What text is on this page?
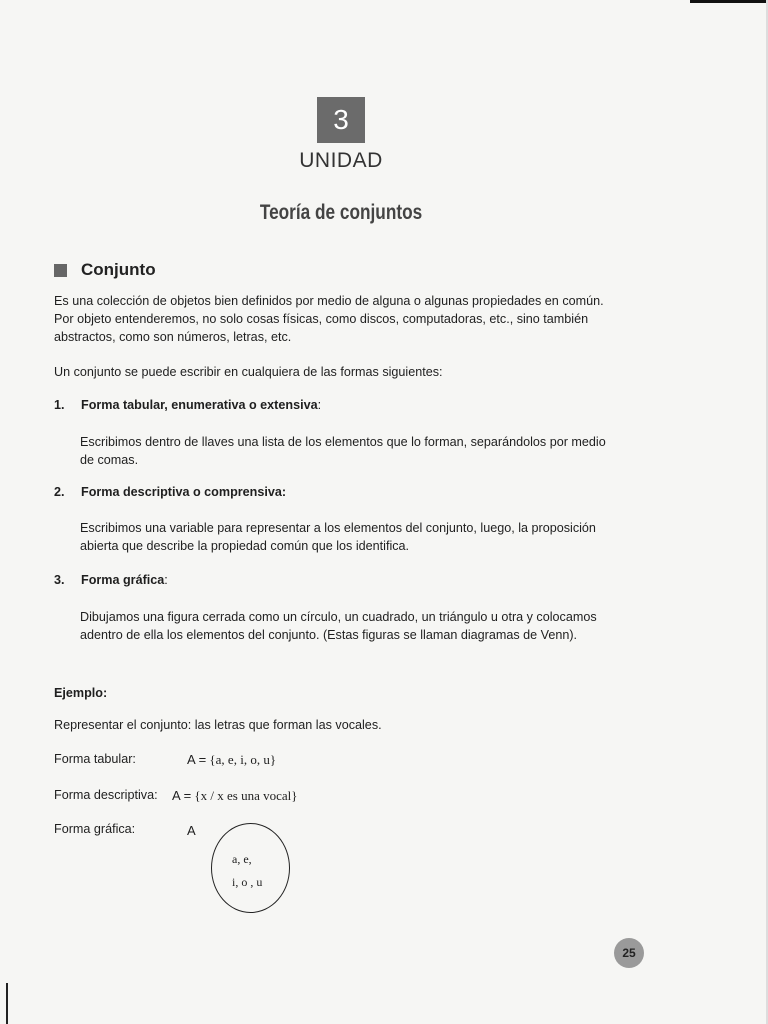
3
UNIDAD
Teoría de conjuntos
Conjunto
Es una colección de objetos bien definidos por medio de alguna o algunas propiedades en común.
Por objeto entenderemos, no solo cosas físicas, como discos, computadoras, etc., sino también
abstractos, como son números, letras, etc.
Un conjunto se puede escribir en cualquiera de las formas siguientes:
1. Forma tabular, enumerativa o extensiva:
Escribimos dentro de llaves una lista de los elementos que lo forman, separándolos por medio
de comas.
2. Forma descriptiva o comprensiva:
Escribimos una variable para representar a los elementos del conjunto, luego, la proposición
abierta que describe la propiedad común que los identifica.
3. Forma gráfica:
Dibujamos una figura cerrada como un círculo, un cuadrado, un triángulo u otra y colocamos
adentro de ella los elementos del conjunto. (Estas figuras se llaman diagramas de Venn).
Ejemplo:
Representar el conjunto: las letras que forman las vocales.
Forma tabular:	A = {a, e, i, o, u}
Forma descriptiva: A = {x / x es una vocal}
Forma gráfica:	A
a, e,
i, o , u
25
